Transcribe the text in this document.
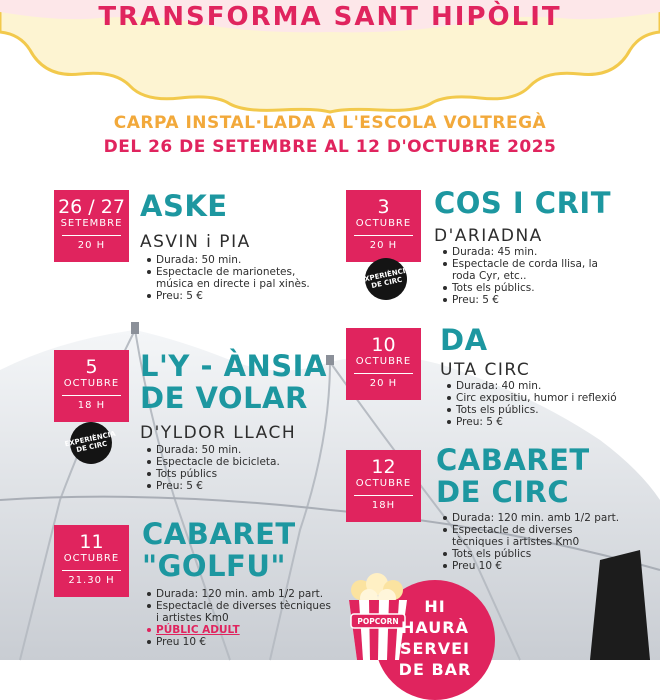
TRANSFORMA SANT HIPÒLIT
CARPA INSTAL·LADA A L'ESCOLA VOLTREGÀ
DEL 26 DE SETEMBRE AL 12 D'OCTUBRE 2025
26 / 27
SETEMBRE
20 H
ASKE
ASVIN i PIA
Durada: 50 min.
Espectacle de marionetes, música en directe i pal xinès.
Preu: 5 €
3
OCTUBRE
20 H
EXPERIÈNCIA DE CIRC
COS I CRIT
D'ARIADNA
Durada: 45 min.
Espectacle de corda llisa, la roda Cyr, etc..
Tots els públics.
Preu: 5 €
5
OCTUBRE
18 H
EXPERIÈNCIA DE CIRC
L'Y - ÀNSIA
DE VOLAR
D'YLDOR LLACH
Durada: 50 min.
Espectacle de bicicleta.
Tots públics
Preu: 5 €
10
OCTUBRE
20 H
DA
UTA CIRC
Durada: 40 min.
Circ expositiu, humor i reflexió
Tots els públics.
Preu: 5 €
12
OCTUBRE
18H
CABARET
DE CIRC
Durada: 120 min. amb 1/2 part.
Espectacle de diverses tècniques i artistes Km0
Tots els públics
Preu 10 €
11
OCTUBRE
21.30 H
CABARET
"GOLFU"
Durada: 120 min. amb 1/2 part.
Espectacle de diverses tècniques i artistes Km0
PÚBLIC ADULT
Preu 10 €
POPCORN
HI
HAURÀ
SERVEI
DE BAR
